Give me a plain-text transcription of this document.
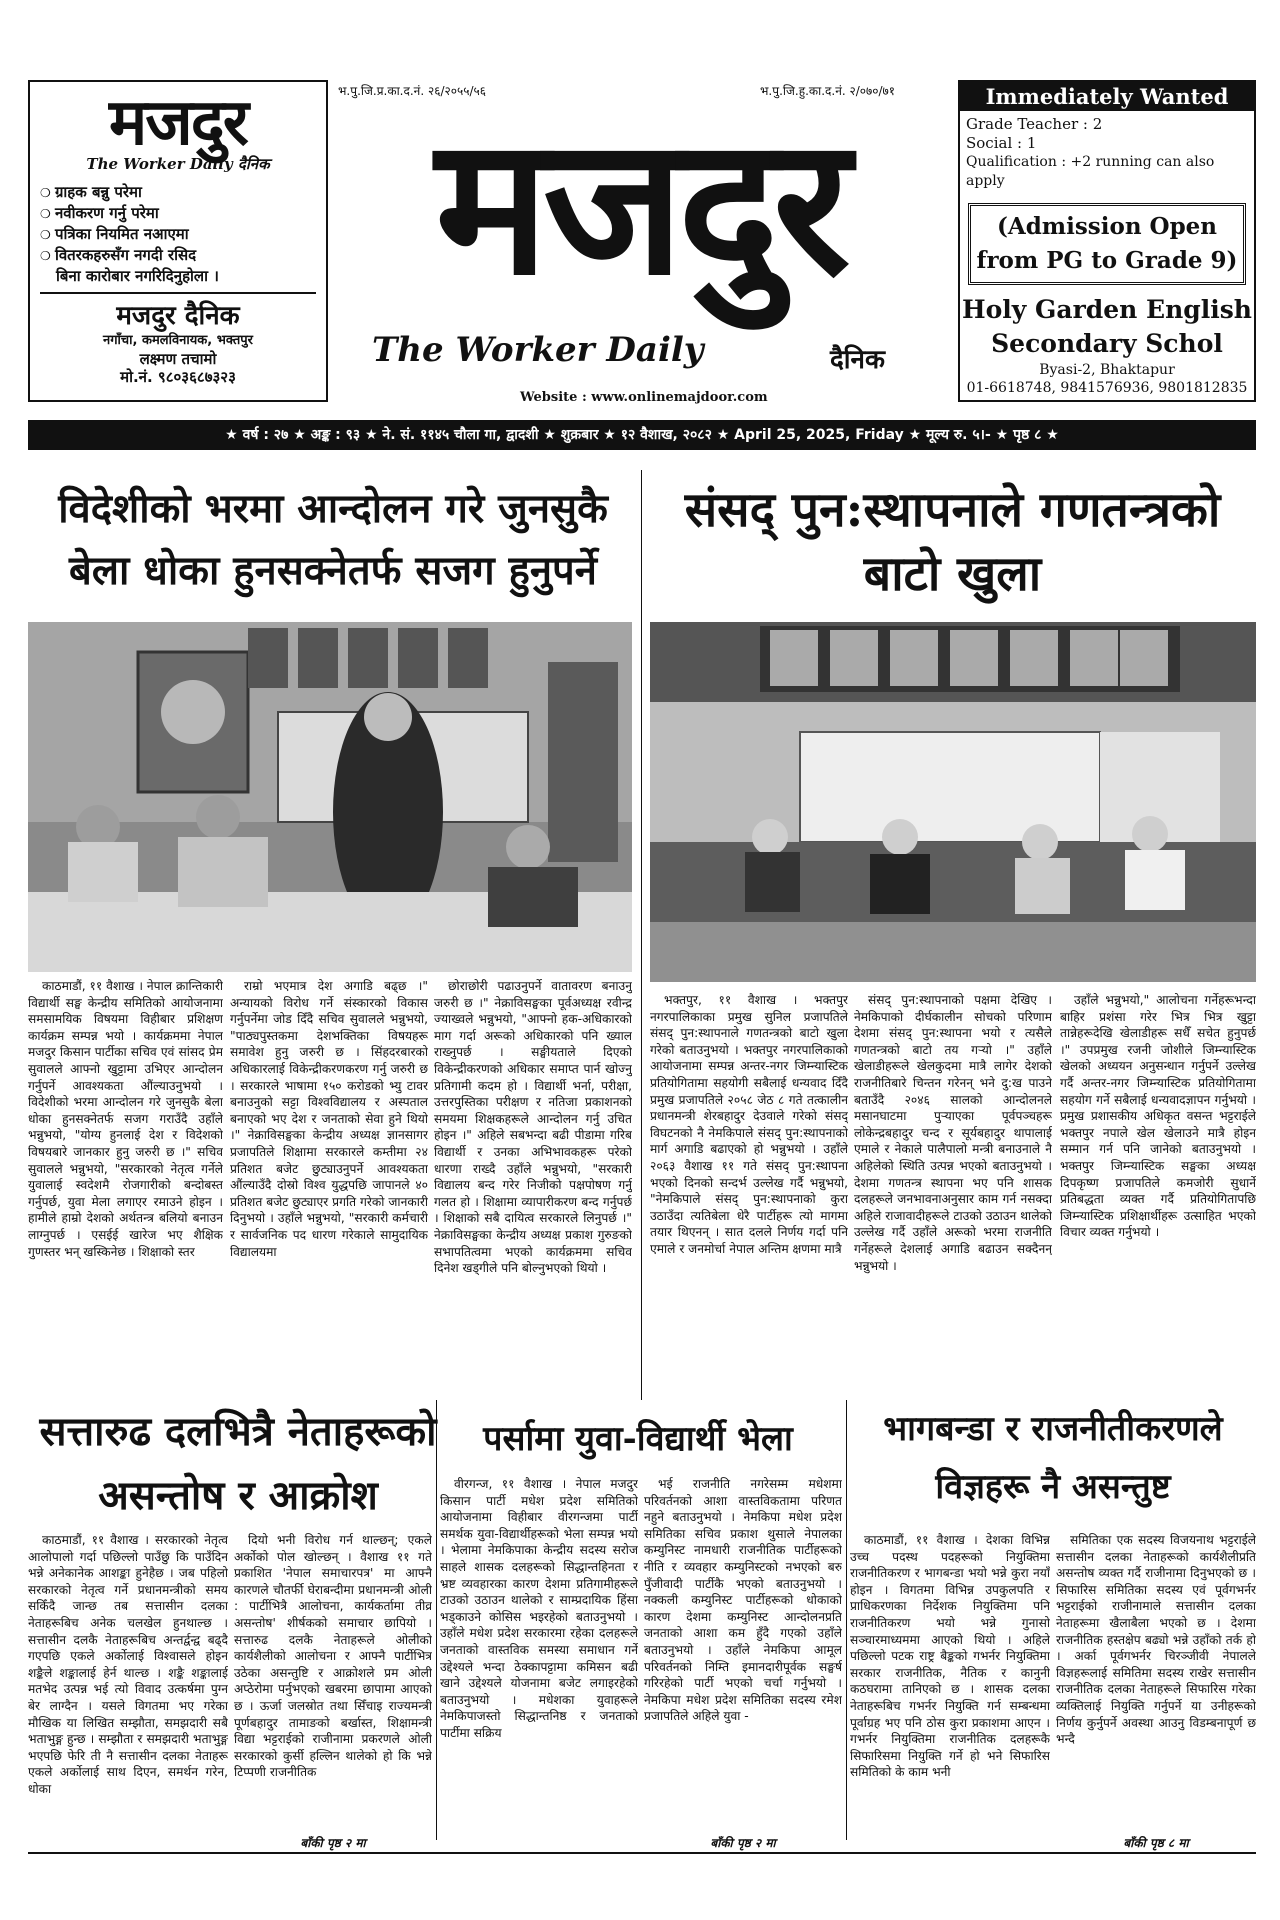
मजदुर
The Worker Daily दैनिक
❍ ग्राहक बन्नु परेमा
❍ नवीकरण गर्नु परेमा
❍ पत्रिका नियमित नआएमा
❍ वितरकहरुसँग नगदी रसिद
बिना कारोबार नगरिदिनुहोला ।
मजदुर दैनिक
नगाँचा, कमलविनायक, भक्तपुर
लक्ष्मण तचामो
मो.नं. ९८०३६८७३२३
भ.पु.जि.प्र.का.द.नं. २६/२०५५/५६	भ.पु.जि.हु.का.द.नं. २/०७०/७१
मजदुर
The Worker Daily	दैनिक
Website : www.onlinemajdoor.com
Immediately Wanted
Grade Teacher : 2
Social : 1
Qualification : +2 running can also apply
(Admission Open from PG to Grade 9)
Holy Garden English Secondary Schol
Byasi-2, Bhaktapur
01-6618748, 9841576936, 9801812835
★ वर्ष : २७ ★ अङ्क : ९३ ★ ने. सं. ११४५ चौला गा, द्वादशी ★ शुक्रबार ★ १२ वैशाख, २०८२ ★ April 25, 2025, Friday ★ मूल्य रु. ५।- ★ पृष्ठ ८ ★
विदेशीको भरमा आन्दोलन गरे जुनसुकै बेला धोका हुनसक्नेतर्फ सजग हुनुपर्ने
संसद् पुन:स्थापनाले गणतन्त्रको बाटो खुला

काठमाडौं, ११ वैशाख । नेपाल क्रान्तिकारी विद्यार्थी सङ्घ केन्द्रीय समितिको आयोजनामा समसामयिक विषयमा विहीबार प्रशिक्षण कार्यक्रम सम्पन्न भयो । कार्यक्रममा नेपाल मजदुर किसान पार्टीका सचिव एवं सांसद प्रेम सुवालले आफ्नो खुट्टामा उभिएर आन्दोलन गर्नुपर्ने आवश्यकता औंल्याउनुभयो । विदेशीको भरमा आन्दोलन गरे जुनसुकै बेला धोका हुनसक्नेतर्फ सजग गराउँदै उहाँले भन्नुभयो, "योग्य हुनलाई देश र विदेशको विषयबारे जानकार हुनु जरुरी छ ।" सचिव सुवालले भन्नुभयो, "सरकारको नेतृत्व गर्नेले युवालाई स्वदेशमै रोजगारीको बन्दोबस्त गर्नुपर्छ, युवा मेला लगाएर रमाउने होइन । हामीले हाम्रो देशको अर्थतन्त्र बलियो बनाउन लाग्नुपर्छ । एसईई खारेज भए शैक्षिक गुणस्तर भन् खस्किनेछ । शिक्षाको स्तर

राम्रो भएमात्र देश अगाडि बढ्छ ।" अन्यायको विरोध गर्ने संस्कारको विकास गर्नुपर्नेमा जोड दिँदै सचिव सुवालले भन्नुभयो, "पाठ्यपुस्तकमा देशभक्तिका विषयहरू समावेश हुनु जरुरी छ । सिंहदरबारको अधिकारलाई विकेन्द्रीकरणकरण गर्नु जरुरी छ । सरकारले भाषामा १५० करोडको भ्यु टावर बनाउनुको सट्टा विश्वविद्यालय र अस्पताल बनाएको भए देश र जनताको सेवा हुने थियो ।" नेक्राविसङ्घका केन्द्रीय अध्यक्ष ज्ञानसागर प्रजापतिले शिक्षामा सरकारले कम्तीमा २४ प्रतिशत बजेट छुट्याउनुपर्ने आवश्यकता औंल्याउँदै दोस्रो विश्व युद्धपछि जापानले ४० प्रतिशत बजेट छुट्याएर प्रगति गरेको जानकारी दिनुभयो । उहाँले भन्नुभयो, "सरकारी कर्मचारी र सार्वजनिक पद धारण गरेकाले सामुदायिक विद्यालयमा

छोराछोरी पढाउनुपर्ने वातावरण बनाउनु जरुरी छ ।" नेक्राविसङ्घका पूर्वअध्यक्ष रवीन्द्र ज्याख्वले भन्नुभयो, "आफ्नो हक-अधिकारको माग गर्दा अरूको अधिकारको पनि ख्याल राख्नुपर्छ । सङ्घीयताले दिएको विकेन्द्रीकरणको अधिकार समाप्त पार्न खोज्नु प्रतिगामी कदम हो । विद्यार्थी भर्ना, परीक्षा, उत्तरपुस्तिका परीक्षण र नतिजा प्रकाशनको समयमा शिक्षकहरूले आन्दोलन गर्नु उचित होइन ।" अहिले सबभन्दा बढी पीडामा गरिब विद्यार्थी र उनका अभिभावकहरू परेको धारणा राख्दै उहाँले भन्नुभयो, "सरकारी विद्यालय बन्द गरेर निजीको पक्षपोषण गर्नु गलत हो । शिक्षामा व्यापारीकरण बन्द गर्नुपर्छ । शिक्षाको सबै दायित्व सरकारले लिनुपर्छ ।" नेक्राविसङ्घका केन्द्रीय अध्यक्ष प्रकाश गुरुङको सभापतित्वमा भएको कार्यक्रममा सचिव दिनेश खड्गीले पनि बोल्नुभएको थियो ।

भक्तपुर, ११ वैशाख । भक्तपुर नगरपालिकाका प्रमुख सुनिल प्रजापतिले संसद् पुन:स्थापनाले गणतन्त्रको बाटो खुला गरेको बताउनुभयो । भक्तपुर नगरपालिकाको आयोजनामा सम्पन्न अन्तर-नगर जिम्न्यास्टिक प्रतियोगितामा सहयोगी सबैलाई धन्यवाद दिँदै प्रमुख प्रजापतिले २०५८ जेठ ८ गते तत्कालीन प्रधानमन्त्री शेरबहादुर देउवाले गरेको संसद् विघटनको नै नेमकिपाले संसद् पुन:स्थापनाको मार्ग अगाडि बढाएको हो भन्नुभयो । उहाँले २०६३ वैशाख ११ गते संसद् पुन:स्थापना भएको दिनको सन्दर्भ उल्लेख गर्दै भन्नुभयो, "नेमकिपाले संसद् पुन:स्थापनाको कुरा उठाउँदा त्यतिबेला धेरै पार्टीहरू त्यो मागमा तयार थिएनन् । सात दलले निर्णय गर्दा पनि एमाले र जनमोर्चा नेपाल अन्तिम क्षणमा मात्रै

संसद् पुन:स्थापनाको पक्षमा देखिए । नेमकिपाको दीर्घकालीन सोचको परिणाम देशमा संसद् पुन:स्थापना भयो र त्यसैले गणतन्त्रको बाटो तय गऱ्यो ।" उहाँले खेलाडीहरूले खेलकुदमा मात्रै लागेर देशको राजनीतिबारे चिन्तन गरेनन् भने दु:ख पाउने बताउँदै २०४६ सालको आन्दोलनले मसानघाटमा पुऱ्याएका पूर्वपञ्चहरू लोकेन्द्रबहादुर चन्द र सूर्यबहादुर थापालाई एमाले र नेकाले पालैपालो मन्त्री बनाउनाले नै अहिलेको स्थिति उत्पन्न भएको बताउनुभयो । देशमा गणतन्त्र स्थापना भए पनि शासक दलहरूले जनभावनाअनुसार काम गर्न नसक्दा अहिले राजावादीहरूले टाउको उठाउन थालेको उल्लेख गर्दै उहाँले अरूको भरमा राजनीति गर्नेहरूले देशलाई अगाडि बढाउन सक्दैनन् भन्नुभयो ।

उहाँले भन्नुभयो," आलोचना गर्नेहरूभन्दा बाहिर प्रशंसा गरेर भित्र भित्र खुट्टा तान्नेहरूदेखि खेलाडीहरू सधैँ सचेत हुनुपर्छ ।" उपप्रमुख रजनी जोशीले जिम्न्यास्टिक खेलको अध्ययन अनुसन्धान गर्नुपर्ने उल्लेख गर्दै अन्तर-नगर जिम्न्यास्टिक प्रतियोगितामा सहयोग गर्ने सबैलाई धन्यवादज्ञापन गर्नुभयो । प्रमुख प्रशासकीय अधिकृत वसन्त भट्टराईले भक्तपुर नपाले खेल खेलाउने मात्रै होइन सम्मान गर्न पनि जानेको बताउनुभयो । भक्तपुर जिम्न्यास्टिक सङ्घका अध्यक्ष दिपकृष्ण प्रजापतिले कमजोरी सुधार्ने प्रतिबद्धता व्यक्त गर्दै प्रतियोगितापछि जिम्न्यास्टिक प्रशिक्षार्थीहरू उत्साहित भएको विचार व्यक्त गर्नुभयो ।

सत्तारुढ दलभित्रै नेताहरूको असन्तोष र आक्रोश
पर्सामा युवा-विद्यार्थी भेला	भागबन्डा र राजनीतीकरणले विज्ञहरू नै असन्तुष्ट

काठमाडौं, ११ वैशाख । सरकारको नेतृत्व आलोपालो गर्दा पछिल्लो पाउँछु कि पाउँदिन भन्ने अनेकानेक आशङ्का हुनेहैछ । जब पहिलो सरकारको नेतृत्व गर्ने प्रधानमन्त्रीको समय सकिँदै जान्छ तब सत्तासीन दलका नेताहरूबिच अनेक चलखेल हुनथाल्छ । सत्तासीन दलकै नेताहरूबिच अन्तर्द्वन्द्व बढ्दै गएपछि एकले अर्कोलाई विश्वासले होइन शङ्कैले शङ्कालाई हेर्न थाल्छ । शङ्कै शङ्कालाई मतभेद उत्पन्न भई त्यो विवाद उत्कर्षमा पुग्न बेर लाग्दैन । यसले विगतमा भए गरेका मौखिक या लिखित सम्झौता, समझदारी सबै भताभुङ्ग हुन्छ । सम्झौता र समझदारी भताभुङ्ग भएपछि फेरि ती नै सत्तासीन दलका नेताहरू एकले अर्कोलाई साथ दिएन, समर्थन गरेन, धोका

दियो भनी विरोध गर्न थाल्छन्; एकले अर्कोको पोल खोल्छन् । वैशाख ११ गते प्रकाशित 'नेपाल समाचारपत्र' मा आफ्नै कारणले चौतर्फी घेराबन्दीमा प्रधानमन्त्री ओली : पार्टीभित्रै आलोचना, कार्यकर्तामा तीव्र असन्तोष' शीर्षकको समाचार छापियो । सत्तारुढ दलकै नेताहरूले ओलीको कार्यशैलीको आलोचना र आफ्नै पार्टीभित्र उठेका असन्तुष्टि र आक्रोशले प्रम ओली अप्ठेरोमा पर्नुभएको खबरमा छापामा आएको छ । ऊर्जा जलस्रोत तथा सिँचाइ राज्यमन्त्री पूर्णबहादुर तामाङको बर्खास्त, शिक्षामन्त्री विद्या भट्टराईको राजीनामा प्रकरणले ओली सरकारको कुर्सी हल्लिन थालेको हो कि भन्ने टिप्पणी राजनीतिक

वीरगन्ज, ११ वैशाख । नेपाल मजदुर किसान पार्टी मधेश प्रदेश समितिको आयोजनामा विहीबार वीरगन्जमा पार्टी समर्थक युवा-विद्यार्थीहरूको भेला सम्पन्न भयो । भेलामा नेमकिपाका केन्द्रीय सदस्य सरोज साहले शासक दलहरूको सिद्धान्तहिनता र भ्रष्ट व्यवहारका कारण देशमा प्रतिगामीहरूले टाउको उठाउन थालेको र साम्प्रदायिक हिंसा भड्काउने कोसिस भइरहेको बताउनुभयो । उहाँले मधेश प्रदेश सरकारमा रहेका दलहरूले जनताको वास्तविक समस्या समाधान गर्ने उद्देश्यले भन्दा ठेक्कापट्टामा कमिसन बढी खाने उद्देश्यले योजनामा बजेट लगाइरहेको बताउनुभयो । मधेशका युवाहरूले नेमकिपाजस्तो सिद्धान्तनिष्ठ र जनताको पार्टीमा सक्रिय

भई राजनीति नगरेसम्म मधेशमा परिवर्तनको आशा वास्तविकतामा परिणत नहुने बताउनुभयो । नेमकिपा मधेश प्रदेश समितिका सचिव प्रकाश थुसाले नेपालका कम्युनिस्ट नामधारी राजनीतिक पार्टीहरूको नीति र व्यवहार कम्युनिस्टको नभएको बरु पुँजीवादी पार्टीकै भएको बताउनुभयो । नक्कली कम्युनिस्ट पार्टीहरूको धोकाको कारण देशमा कम्युनिस्ट आन्दोलनप्रति जनताको आशा कम हुँदै गएको उहाँले बताउनुभयो । उहाँले नेमकिपा आमूल परिवर्तनको निम्ति इमानदारीपूर्वक सङ्घर्ष गरिरहेको पार्टी भएको चर्चा गर्नुभयो । नेमकिपा मधेश प्रदेश समितिका सदस्य रमेश प्रजापतिले अहिले युवा -

काठमाडौं, ११ वैशाख । देशका विभिन्न उच्च पदस्थ पदहरूको नियुक्तिमा राजनीतिकरण र भागबन्डा भयो भन्ने कुरा नयाँ होइन । विगतमा विभिन्न उपकुलपति र प्राधिकरणका निर्देशक नियुक्तिमा पनि राजनीतिकरण भयो भन्ने गुनासो सञ्चारमाध्यममा आएको थियो । अहिले पछिल्लो पटक राष्ट्र बैङ्कको गभर्नर नियुक्तिमा सरकार राजनीतिक, नैतिक र कानुनी कठघरामा तानिएको छ । शासक दलका नेताहरूबिच गभर्नर नियुक्ति गर्न सम्बन्धमा पूर्वाग्रह भए पनि ठोस कुरा प्रकाशमा आएन । गभर्नर नियुक्तिमा राजनीतिक दलहरूकै सिफारिसमा नियुक्ति गर्ने हो भने सिफारिस समितिको के काम भनी

समितिका एक सदस्य विजयनाथ भट्टराईले सत्तासीन दलका नेताहरूको कार्यशैलीप्रति असन्तोष व्यक्त गर्दै राजीनामा दिनुभएको छ । सिफारिस समितिका सदस्य एवं पूर्वगभर्नर भट्टराईको राजीनामाले सत्तासीन दलका नेताहरूमा खैलाबैला भएको छ । देशमा राजनीतिक हस्तक्षेप बढ्यो भन्ने उहाँको तर्क हो । अर्का पूर्वगभर्नर चिरञ्जीवी नेपालले विज्ञहरूलाई समितिमा सदस्य राखेर सत्तासीन राजनीतिक दलका नेताहरूले सिफारिस गरेका व्यक्तिलाई नियुक्ति गर्नुपर्ने या उनीहरूको निर्णय कुर्नुपर्ने अवस्था आउनु विडम्बनापूर्ण छ भन्दै

बाँकी पृष्ठ २ मा	बाँकी पृष्ठ २ मा	बाँकी पृष्ठ ८ मा
